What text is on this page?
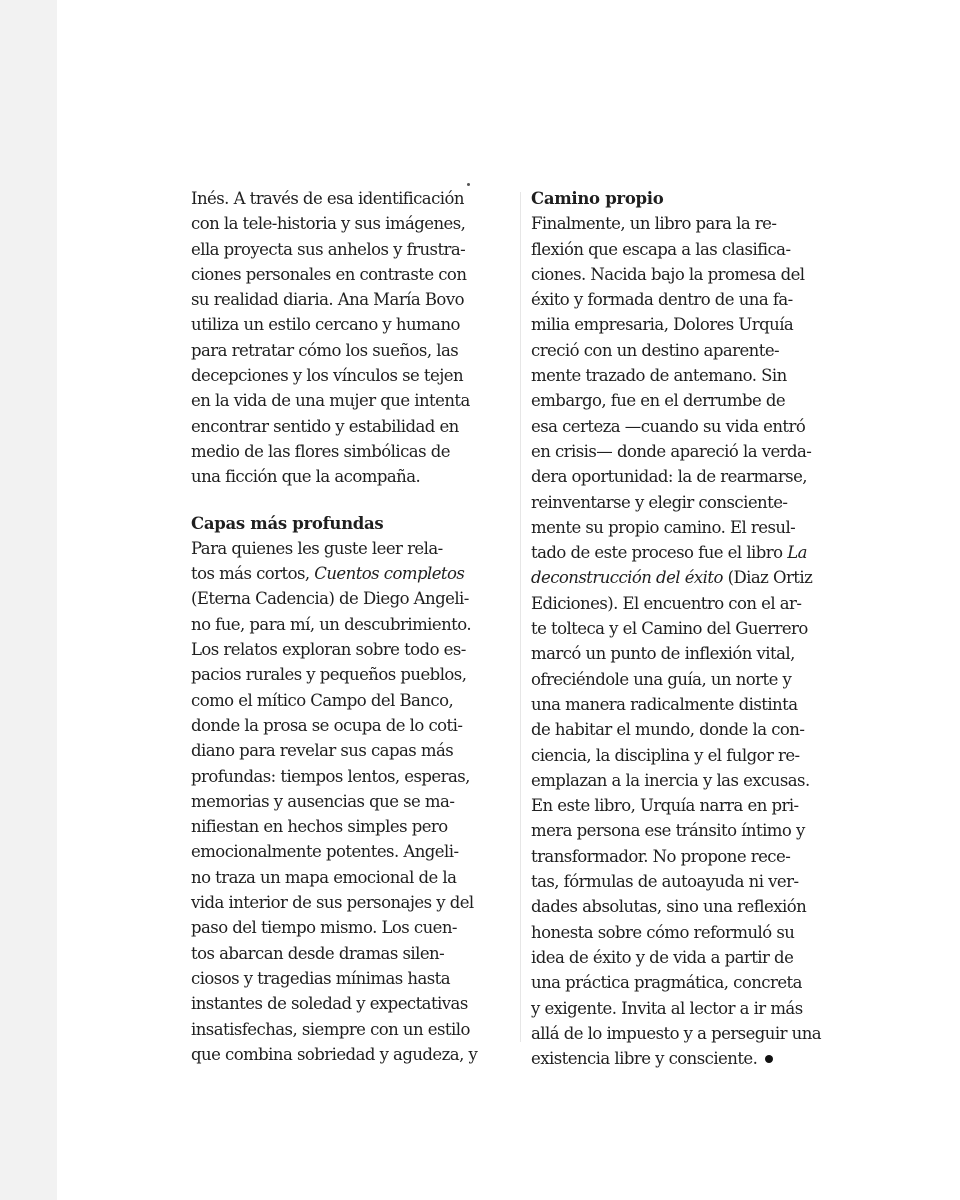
Inés. A través de esa identificación
con la tele-historia y sus imágenes,
ella proyecta sus anhelos y frustra-
ciones personales en contraste con
su realidad diaria. Ana María Bovo
utiliza un estilo cercano y humano
para retratar cómo los sueños, las
decepciones y los vínculos se tejen
en la vida de una mujer que intenta
encontrar sentido y estabilidad en
medio de las flores simbólicas de
una ficción que la acompaña.
Capas más profundas
Para quienes les guste leer rela-
tos más cortos, Cuentos completos
(Eterna Cadencia) de Diego Angeli-
no fue, para mí, un descubrimiento.
Los relatos exploran sobre todo es-
pacios rurales y pequeños pueblos,
como el mítico Campo del Banco,
donde la prosa se ocupa de lo coti-
diano para revelar sus capas más
profundas: tiempos lentos, esperas,
memorias y ausencias que se ma-
nifiestan en hechos simples pero
emocionalmente potentes. Angeli-
no traza un mapa emocional de la
vida interior de sus personajes y del
paso del tiempo mismo. Los cuen-
tos abarcan desde dramas silen-
ciosos y tragedias mínimas hasta
instantes de soledad y expectativas
insatisfechas, siempre con un estilo
que combina sobriedad y agudeza, y
Camino propio
Finalmente, un libro para la re-
flexión que escapa a las clasifica-
ciones. Nacida bajo la promesa del
éxito y formada dentro de una fa-
milia empresaria, Dolores Urquía
creció con un destino aparente-
mente trazado de antemano. Sin
embargo, fue en el derrumbe de
esa certeza —cuando su vida entró
en crisis— donde apareció la verda-
dera oportunidad: la de rearmarse,
reinventarse y elegir consciente-
mente su propio camino. El resul-
tado de este proceso fue el libro La
deconstrucción del éxito (Diaz Ortiz
Ediciones). El encuentro con el ar-
te tolteca y el Camino del Guerrero
marcó un punto de inflexión vital,
ofreciéndole una guía, un norte y
una manera radicalmente distinta
de habitar el mundo, donde la con-
ciencia, la disciplina y el fulgor re-
emplazan a la inercia y las excusas.
En este libro, Urquía narra en pri-
mera persona ese tránsito íntimo y
transformador. No propone rece-
tas, fórmulas de autoayuda ni ver-
dades absolutas, sino una reflexión
honesta sobre cómo reformuló su
idea de éxito y de vida a partir de
una práctica pragmática, concreta
y exigente. Invita al lector a ir más
allá de lo impuesto y a perseguir una
existencia libre y consciente.
